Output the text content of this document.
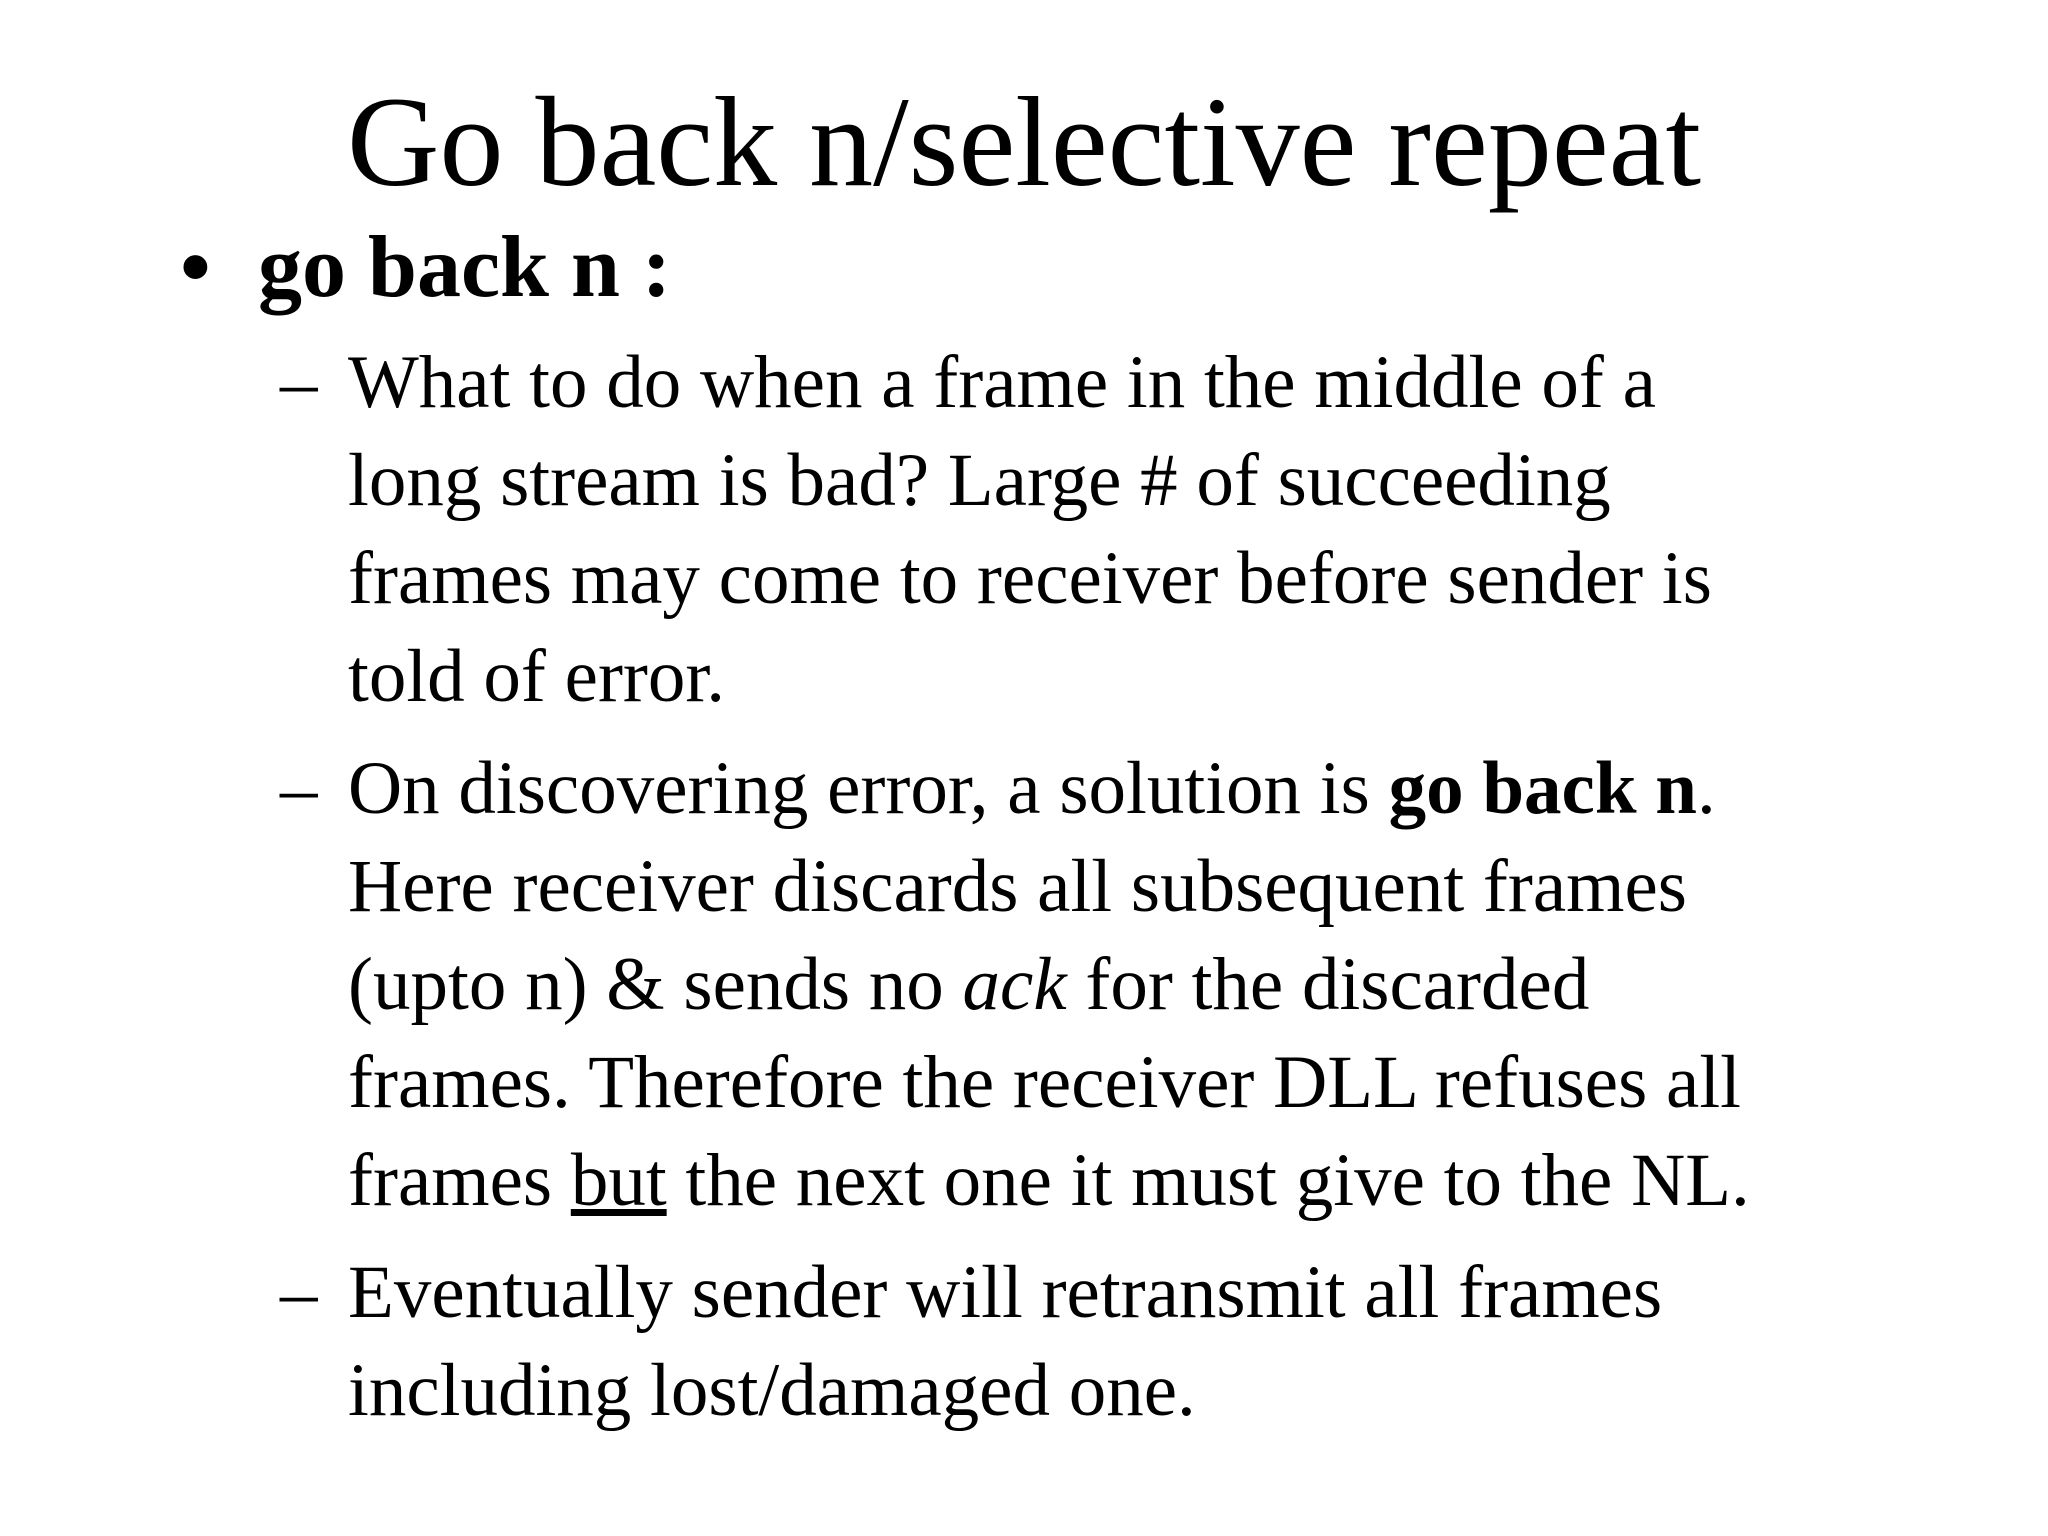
Go back n/selective repeat
• go back n :
– What to do when a frame in the middle of a
long stream is bad? Large # of succeeding
frames may come to receiver before sender is
told of error.
– On discovering error, a solution is go back n.
Here receiver discards all subsequent frames
(upto n) & sends no ack for the discarded
frames. Therefore the receiver DLL refuses all
frames but the next one it must give to the NL.
– Eventually sender will retransmit all frames
including lost/damaged one.
